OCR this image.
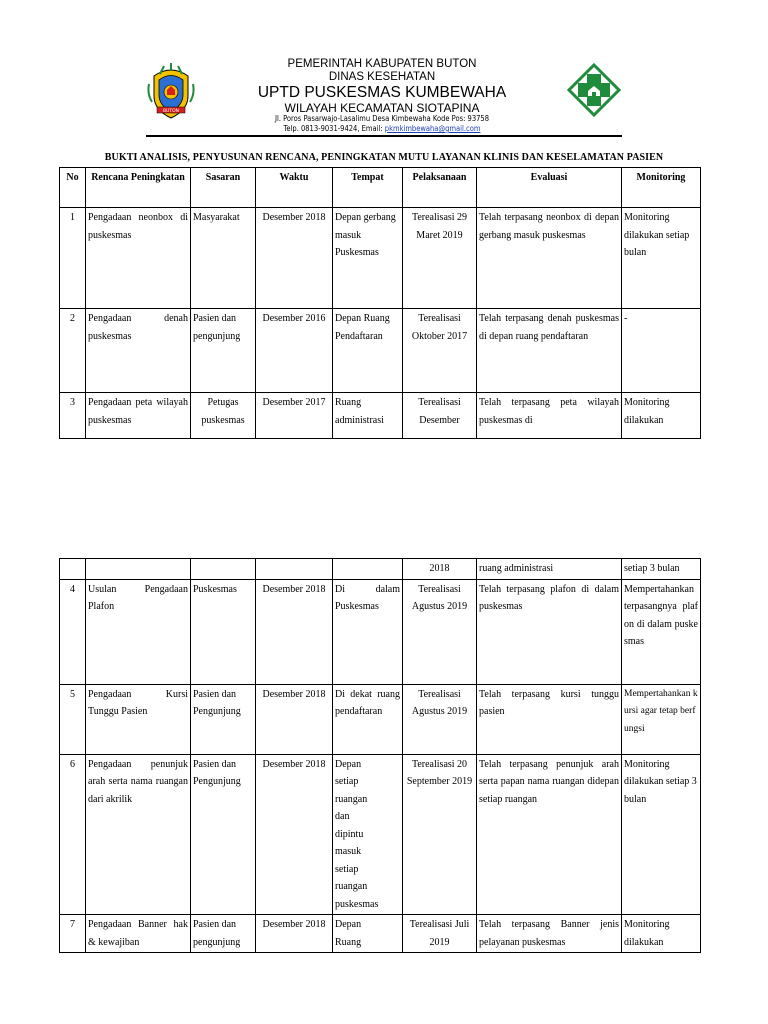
BUTON
PEMERINTAH KABUPATEN BUTON
DINAS KESEHATAN
UPTD PUSKESMAS KUMBEWAHA
WILAYAH KECAMATAN SIOTAPINA
Jl. Poros Pasarwajo-Lasalimu Desa Kimbewaha Kode Pos: 93758
Telp. 0813-9031-9424, Email: pkmkimbewaha@gmail.com
BUKTI ANALISIS, PENYUSUNAN RENCANA, PENINGKATAN MUTU LAYANAN KLINIS DAN KESELAMATAN PASIEN
No	Rencana Peningkatan	Sasaran	Waktu	Tempat	Pelaksanaan	Evaluasi	Monitoring
1	Pengadaan neonbox di puskesmas	Masyarakat	Desember 2018	Depan gerbang masuk Puskesmas	Terealisasi 29 Maret 2019	Telah terpasang neonbox di depan gerbang masuk puskesmas	Monitoring dilakukan setiap bulan
2	Pengadaan denah puskesmas	Pasien dan pengunjung	Desember 2016	Depan Ruang Pendaftaran	Terealisasi Oktober 2017	Telah terpasang denah puskesmas di depan ruang pendaftaran	-
3	Pengadaan peta wilayah puskesmas	Petugas puskesmas	Desember 2017	Ruang administrasi	Terealisasi Desember	Telah terpasang peta wilayah puskesmas di	Monitoring dilakukan
					2018	ruang administrasi	setiap 3 bulan
4	Usulan Pengadaan Plafon	Puskesmas	Desember 2018	Di dalam Puskesmas	Terealisasi Agustus 2019	Telah terpasang plafon di dalam puskesmas	Mempertahankan terpasangnya plafon di dalam puskesmas
5	Pengadaan Kursi Tunggu Pasien	Pasien dan Pengunjung	Desember 2018	Di dekat ruang pendaftaran	Terealisasi Agustus 2019	Telah terpasang kursi tunggu pasien	Mempertahankan kursi agar tetap berfungsi
6	Pengadaan penunjuk arah serta nama ruangan dari akrilik	Pasien dan Pengunjung	Desember 2018	Depan setiap ruangan dan dipintu masuk setiap ruangan puskesmas	Terealisasi 20 September 2019	Telah terpasang penunjuk arah serta papan nama ruangan didepan setiap ruangan	Monitoring dilakukan setiap 3 bulan
7	Pengadaan Banner hak & kewajiban	Pasien dan pengunjung	Desember 2018	Depan Ruang	Terealisasi Juli 2019	Telah terpasang Banner jenis pelayanan puskesmas	Monitoring dilakukan
